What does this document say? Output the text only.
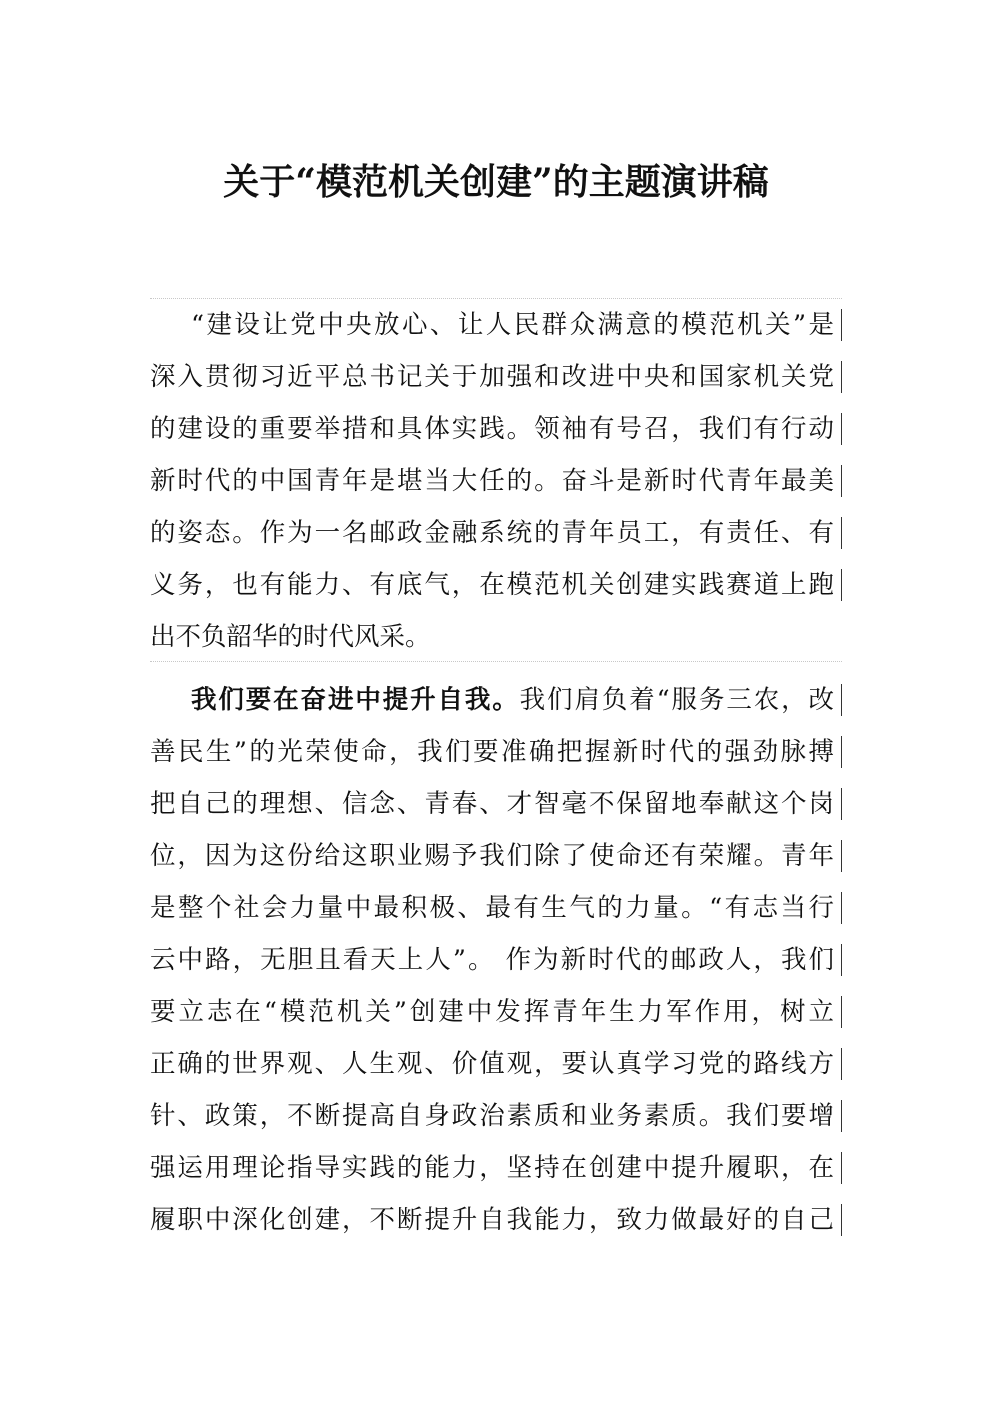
关于“模范机关创建”的主题演讲稿
“建设让党中央放心、让人民群众满意的模范机关”是
深入贯彻习近平总书记关于加强和改进中央和国家机关党
的建设的重要举措和具体实践。领袖有号召，我们有行动
新时代的中国青年是堪当大任的。奋斗是新时代青年最美
的姿态。作为一名邮政金融系统的青年员工，有责任、有
义务，也有能力、有底气，在模范机关创建实践赛道上跑
出不负韶华的时代风采。
我们要在奋进中提升自我。我们肩负着“服务三农，改
善民生”的光荣使命，我们要准确把握新时代的强劲脉搏
把自己的理想、信念、青春、才智毫不保留地奉献这个岗
位，因为这份给这职业赐予我们除了使命还有荣耀。青年
是整个社会力量中最积极、最有生气的力量。“有志当行
云中路，无胆且看天上人”。 作为新时代的邮政人，我们
要立志在“模范机关”创建中发挥青年生力军作用，树立
正确的世界观、人生观、价值观，要认真学习党的路线方
针、政策，不断提高自身政治素质和业务素质。我们要增
强运用理论指导实践的能力，坚持在创建中提升履职，在
履职中深化创建，不断提升自我能力，致力做最好的自己
